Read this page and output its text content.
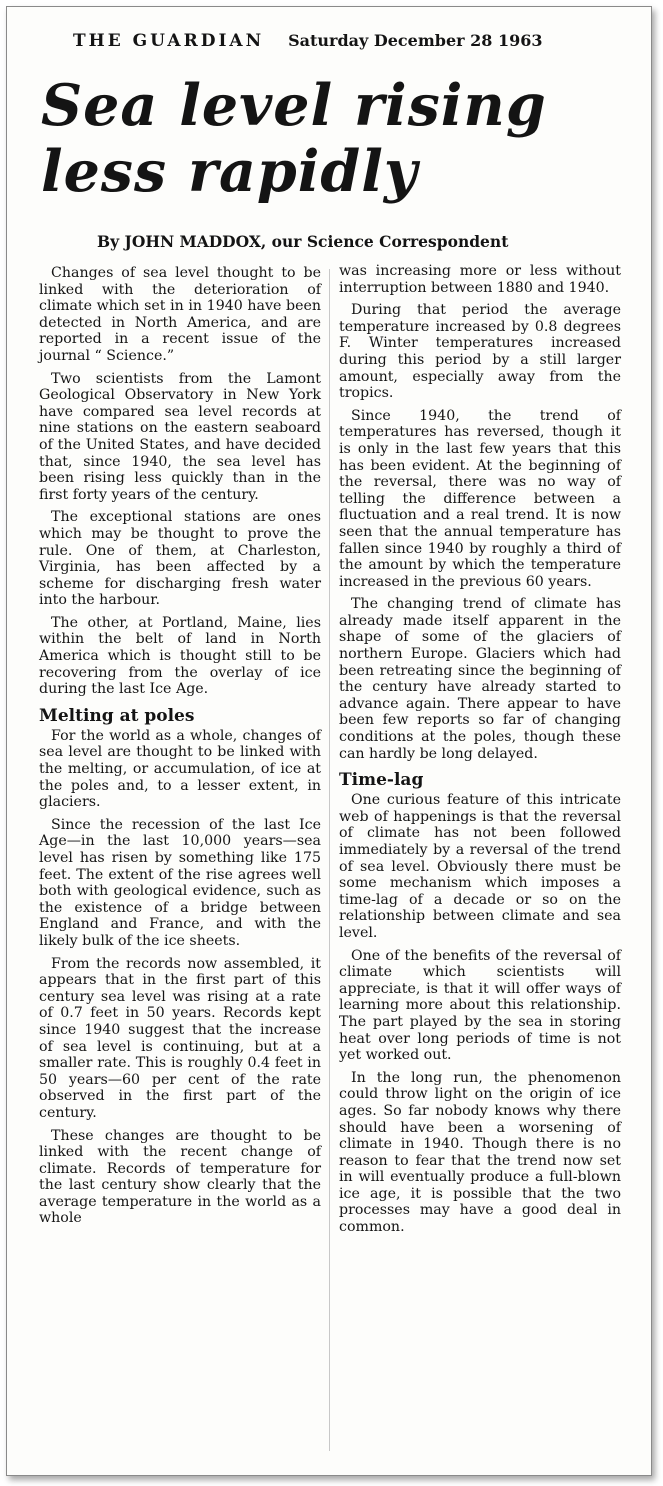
THE GUARDIAN Saturday December 28 1963
Sea level rising
less rapidly
By JOHN MADDOX, our Science Correspondent

Changes of sea level thought to be linked with the deterioration of climate which set in in 1940 have been detected in North America, and are reported in a recent issue of the journal “ Science.”

Two scientists from the Lamont Geological Observatory in New York have compared sea level records at nine stations on the eastern seaboard of the United States, and have decided that, since 1940, the sea level has been rising less quickly than in the first forty years of the century.

The exceptional stations are ones which may be thought to prove the rule. One of them, at Charleston, Virginia, has been affected by a scheme for discharging fresh water into the harbour.

The other, at Portland, Maine, lies within the belt of land in North America which is thought still to be recovering from the overlay of ice during the last Ice Age.

Melting at poles

For the world as a whole, changes of sea level are thought to be linked with the melting, or accumulation, of ice at the poles and, to a lesser extent, in glaciers.

Since the recession of the last Ice Age—in the last 10,000 years—sea level has risen by something like 175 feet. The extent of the rise agrees well both with geological evidence, such as the existence of a bridge between England and France, and with the likely bulk of the ice sheets.

From the records now assembled, it appears that in the first part of this century sea level was rising at a rate of 0.7 feet in 50 years. Records kept since 1940 suggest that the increase of sea level is continuing, but at a smaller rate. This is roughly 0.4 feet in 50 years—60 per cent of the rate observed in the first part of the century.

These changes are thought to be linked with the recent change of climate. Records of temperature for the last century show clearly that the average temperature in the world as a whole

was increasing more or less without interruption between 1880 and 1940.

During that period the average temperature increased by 0.8 degrees F. Winter temperatures increased during this period by a still larger amount, especially away from the tropics.

Since 1940, the trend of temperatures has reversed, though it is only in the last few years that this has been evident. At the beginning of the reversal, there was no way of telling the difference between a fluctuation and a real trend. It is now seen that the annual temperature has fallen since 1940 by roughly a third of the amount by which the temperature increased in the previous 60 years.

The changing trend of climate has already made itself apparent in the shape of some of the glaciers of northern Europe. Glaciers which had been retreating since the beginning of the century have already started to advance again. There appear to have been few reports so far of changing conditions at the poles, though these can hardly be long delayed.

Time-lag

One curious feature of this intricate web of happenings is that the reversal of climate has not been followed immediately by a reversal of the trend of sea level. Obviously there must be some mechanism which imposes a time-lag of a decade or so on the relationship between climate and sea level.

One of the benefits of the reversal of climate which scientists will appreciate, is that it will offer ways of learning more about this relationship. The part played by the sea in storing heat over long periods of time is not yet worked out.

In the long run, the phenomenon could throw light on the origin of ice ages. So far nobody knows why there should have been a worsening of climate in 1940. Though there is no reason to fear that the trend now set in will eventually produce a full-blown ice age, it is possible that the two processes may have a good deal in common.
